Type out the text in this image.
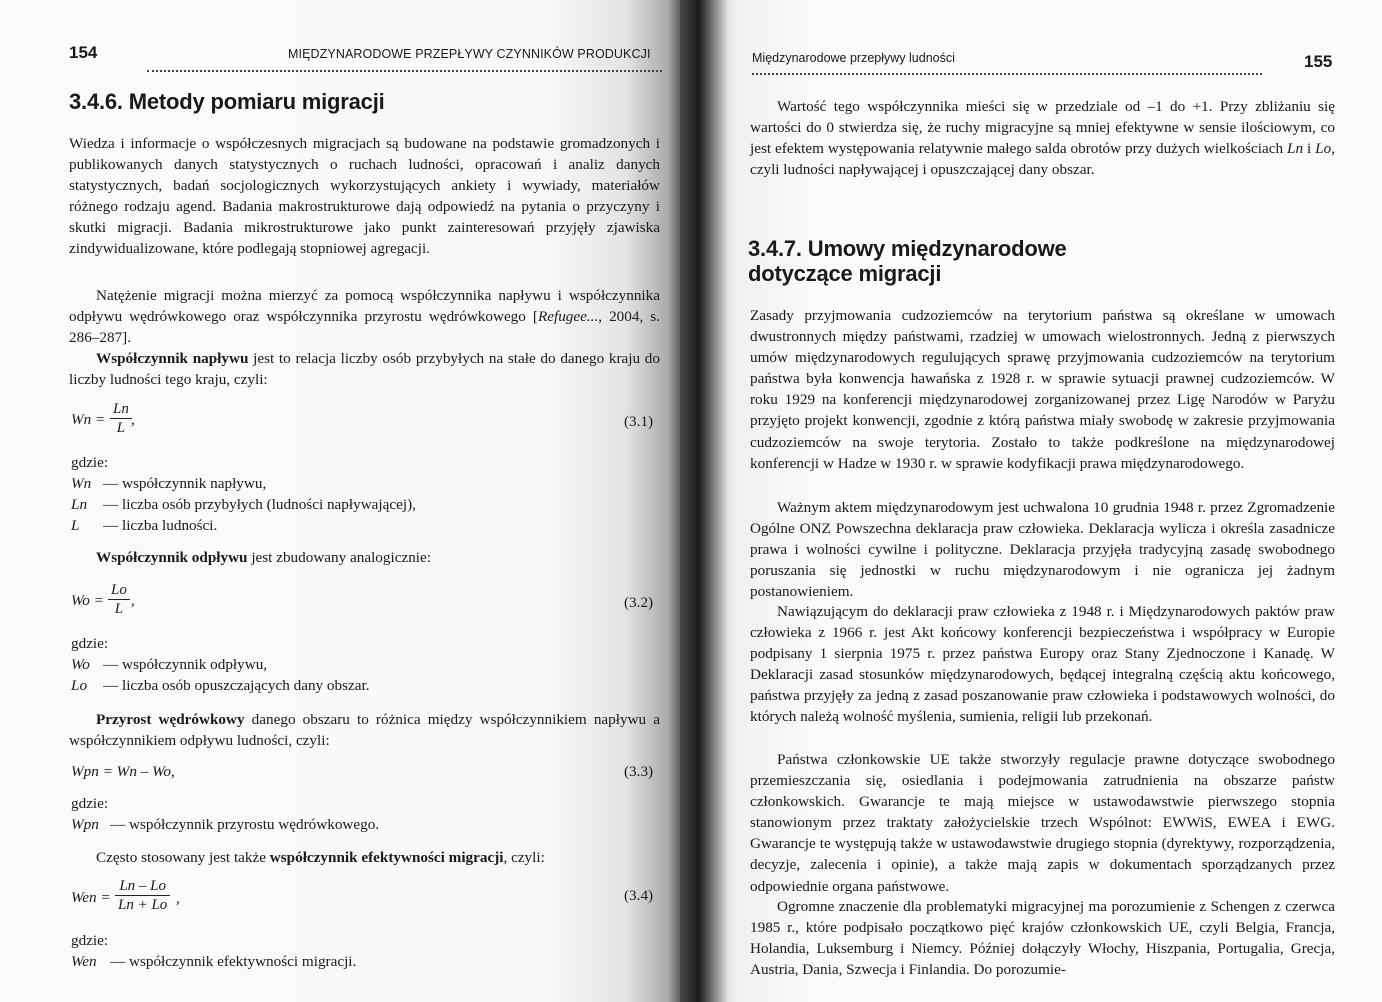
154	MIĘDZYNARODOWE PRZEPŁYWY CZYNNIKÓW PRODUKCJI
3.4.6. Metody pomiaru migracji

Wiedza i informacje o współczesnych migracjach są budowane na podstawie gromadzonych i publikowanych danych statystycznych o ruchach ludności, opracowań i analiz danych statystycznych, badań socjologicznych wykorzystujących ankiety i wywiady, materiałów różnego rodzaju agend. Badania makrostrukturowe dają odpowiedź na pytania o przyczyny i skutki migracji. Badania mikrostrukturowe jako punkt zainteresowań przyjęły zjawiska zindywidualizowane, które podlegają stopniowej agregacji.

Natężenie migracji można mierzyć za pomocą współczynnika napływu i współczynnika odpływu wędrówkowego oraz współczynnika przyrostu wędrówkowego [Refugee..., 2004, s. 286–287].

Współczynnik napływu jest to relacja liczby osób przybyłych na stałe do danego kraju do liczby ludności tego kraju, czyli:

$Wn = \frac{Ln}{L}$ ,	(3.1)
gdzie:
Wn — współczynnik napływu,
Ln — liczba osób przybyłych (ludności napływającej),
L — liczba ludności.
Współczynnik odpływu jest zbudowany analogicznie:
$Wo = \frac{Lo}{L}$ ,	(3.2)
gdzie:
Wo — współczynnik odpływu,
Lo — liczba osób opuszczających dany obszar.

Przyrost wędrówkowy danego obszaru to różnica między współczynnikiem napływu a współczynnikiem odpływu ludności, czyli:

Wpn = Wn – Wo,	(3.3)
gdzie:
Wpn — współczynnik przyrostu wędrówkowego.
Często stosowany jest także współczynnik efektywności migracji, czyli:
Wen = $\frac{Ln - Lo}{Ln + Lo}$ ,	(3.4)
gdzie:
Wen — współczynnik efektywności migracji.
Międzynarodowe przepływy ludności	155

Wartość tego współczynnika mieści się w przedziale od –1 do +1. Przy zbliżaniu się wartości do 0 stwierdza się, że ruchy migracyjne są mniej efektywne w sensie ilościowym, co jest efektem występowania relatywnie małego salda obrotów przy dużych wielkościach Ln i Lo, czyli ludności napływającej i opuszczającej dany obszar.

3.4.7. Umowy międzynarodowe
dotyczące migracji

Zasady przyjmowania cudzoziemców na terytorium państwa są określane w umowach dwustronnych między państwami, rzadziej w umowach wielostronnych. Jedną z pierwszych umów międzynarodowych regulujących sprawę przyjmowania cudzoziemców na terytorium państwa była konwencja hawańska z 1928 r. w sprawie sytuacji prawnej cudzoziemców. W roku 1929 na konferencji międzynarodowej zorganizowanej przez Ligę Narodów w Paryżu przyjęto projekt konwencji, zgodnie z którą państwa miały swobodę w zakresie przyjmowania cudzoziemców na swoje terytoria. Zostało to także podkreślone na międzynarodowej konferencji w Hadze w 1930 r. w sprawie kodyfikacji prawa międzynarodowego.

Ważnym aktem międzynarodowym jest uchwalona 10 grudnia 1948 r. przez Zgromadzenie Ogólne ONZ Powszechna deklaracja praw człowieka. Deklaracja wylicza i określa zasadnicze prawa i wolności cywilne i polityczne. Deklaracja przyjęła tradycyjną zasadę swobodnego poruszania się jednostki w ruchu międzynarodowym i nie ogranicza jej żadnym postanowieniem.

Nawiązującym do deklaracji praw człowieka z 1948 r. i Międzynarodowych paktów praw człowieka z 1966 r. jest Akt końcowy konferencji bezpieczeństwa i współpracy w Europie podpisany 1 sierpnia 1975 r. przez państwa Europy oraz Stany Zjednoczone i Kanadę. W Deklaracji zasad stosunków międzynarodowych, będącej integralną częścią aktu końcowego, państwa przyjęły za jedną z zasad poszanowanie praw człowieka i podstawowych wolności, do których należą wolność myślenia, sumienia, religii lub przekonań.

Państwa członkowskie UE także stworzyły regulacje prawne dotyczące swobodnego przemieszczania się, osiedlania i podejmowania zatrudnienia na obszarze państw członkowskich. Gwarancje te mają miejsce w ustawodawstwie pierwszego stopnia stanowionym przez traktaty założycielskie trzech Wspólnot: EWWiS, EWEA i EWG. Gwarancje te występują także w ustawodawstwie drugiego stopnia (dyrektywy, rozporządzenia, decyzje, zalecenia i opinie), a także mają zapis w dokumentach sporządzanych przez odpowiednie organa państwowe.

Ogromne znaczenie dla problematyki migracyjnej ma porozumienie z Schengen z czerwca 1985 r., które podpisało początkowo pięć krajów członkowskich UE, czyli Belgia, Francja, Holandia, Luksemburg i Niemcy. Później dołączyły Włochy, Hiszpania, Portugalia, Grecja, Austria, Dania, Szwecja i Finlandia. Do porozumie-
